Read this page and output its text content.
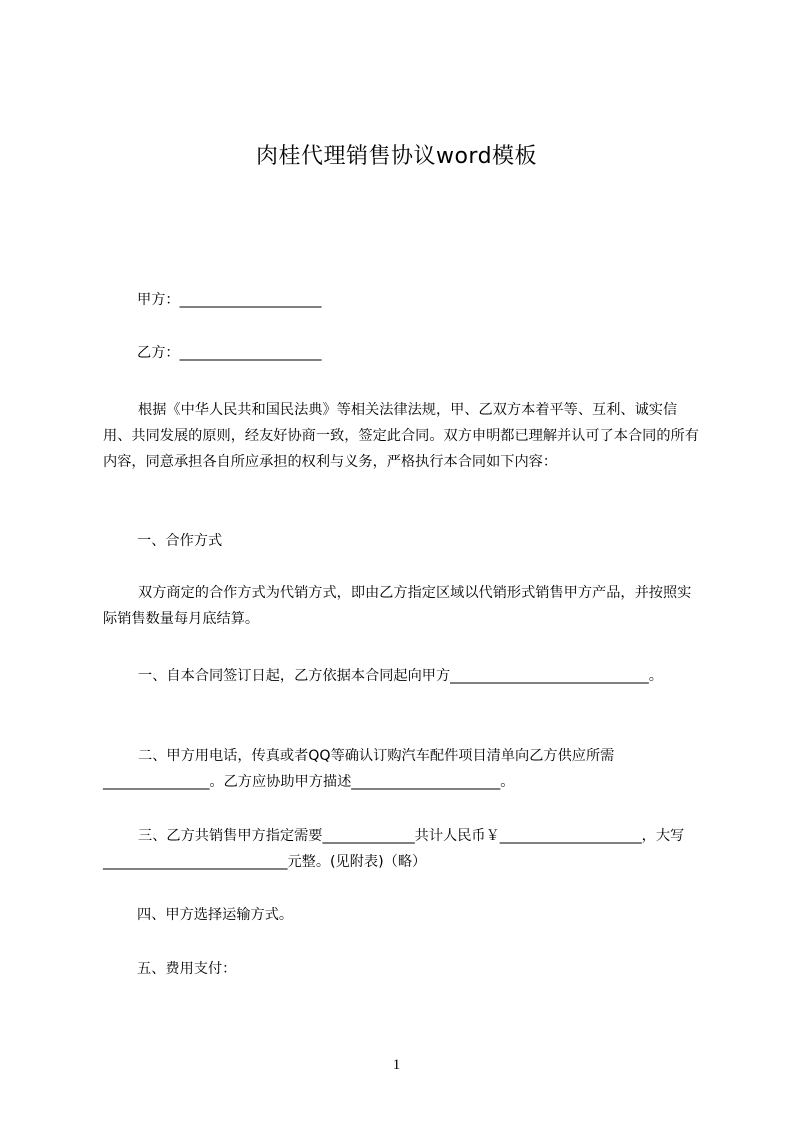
肉桂代理销售协议word模板
甲方：____________________
乙方：____________________
根据《中华人民共和国民法典》等相关法律法规，甲、乙双方本着平等、互利、诚实信用、共同发展的原则，经友好协商一致，签定此合同。双方申明都已理解并认可了本合同的所有内容，同意承担各自所应承担的权利与义务，严格执行本合同如下内容：
一、合作方式
双方商定的合作方式为代销方式，即由乙方指定区域以代销形式销售甲方产品，并按照实际销售数量每月底结算。
一、自本合同签订日起，乙方依据本合同起向甲方____________________________。
二、甲方用电话，传真或者QQ等确认订购汽车配件项目清单向乙方供应所需_______________。乙方应协助甲方描述_____________________。
三、乙方共销售甲方指定需要_____________共计人民币￥____________________，大写__________________________元整。(见附表)（略）
四、甲方选择运输方式。
五、费用支付：
1
